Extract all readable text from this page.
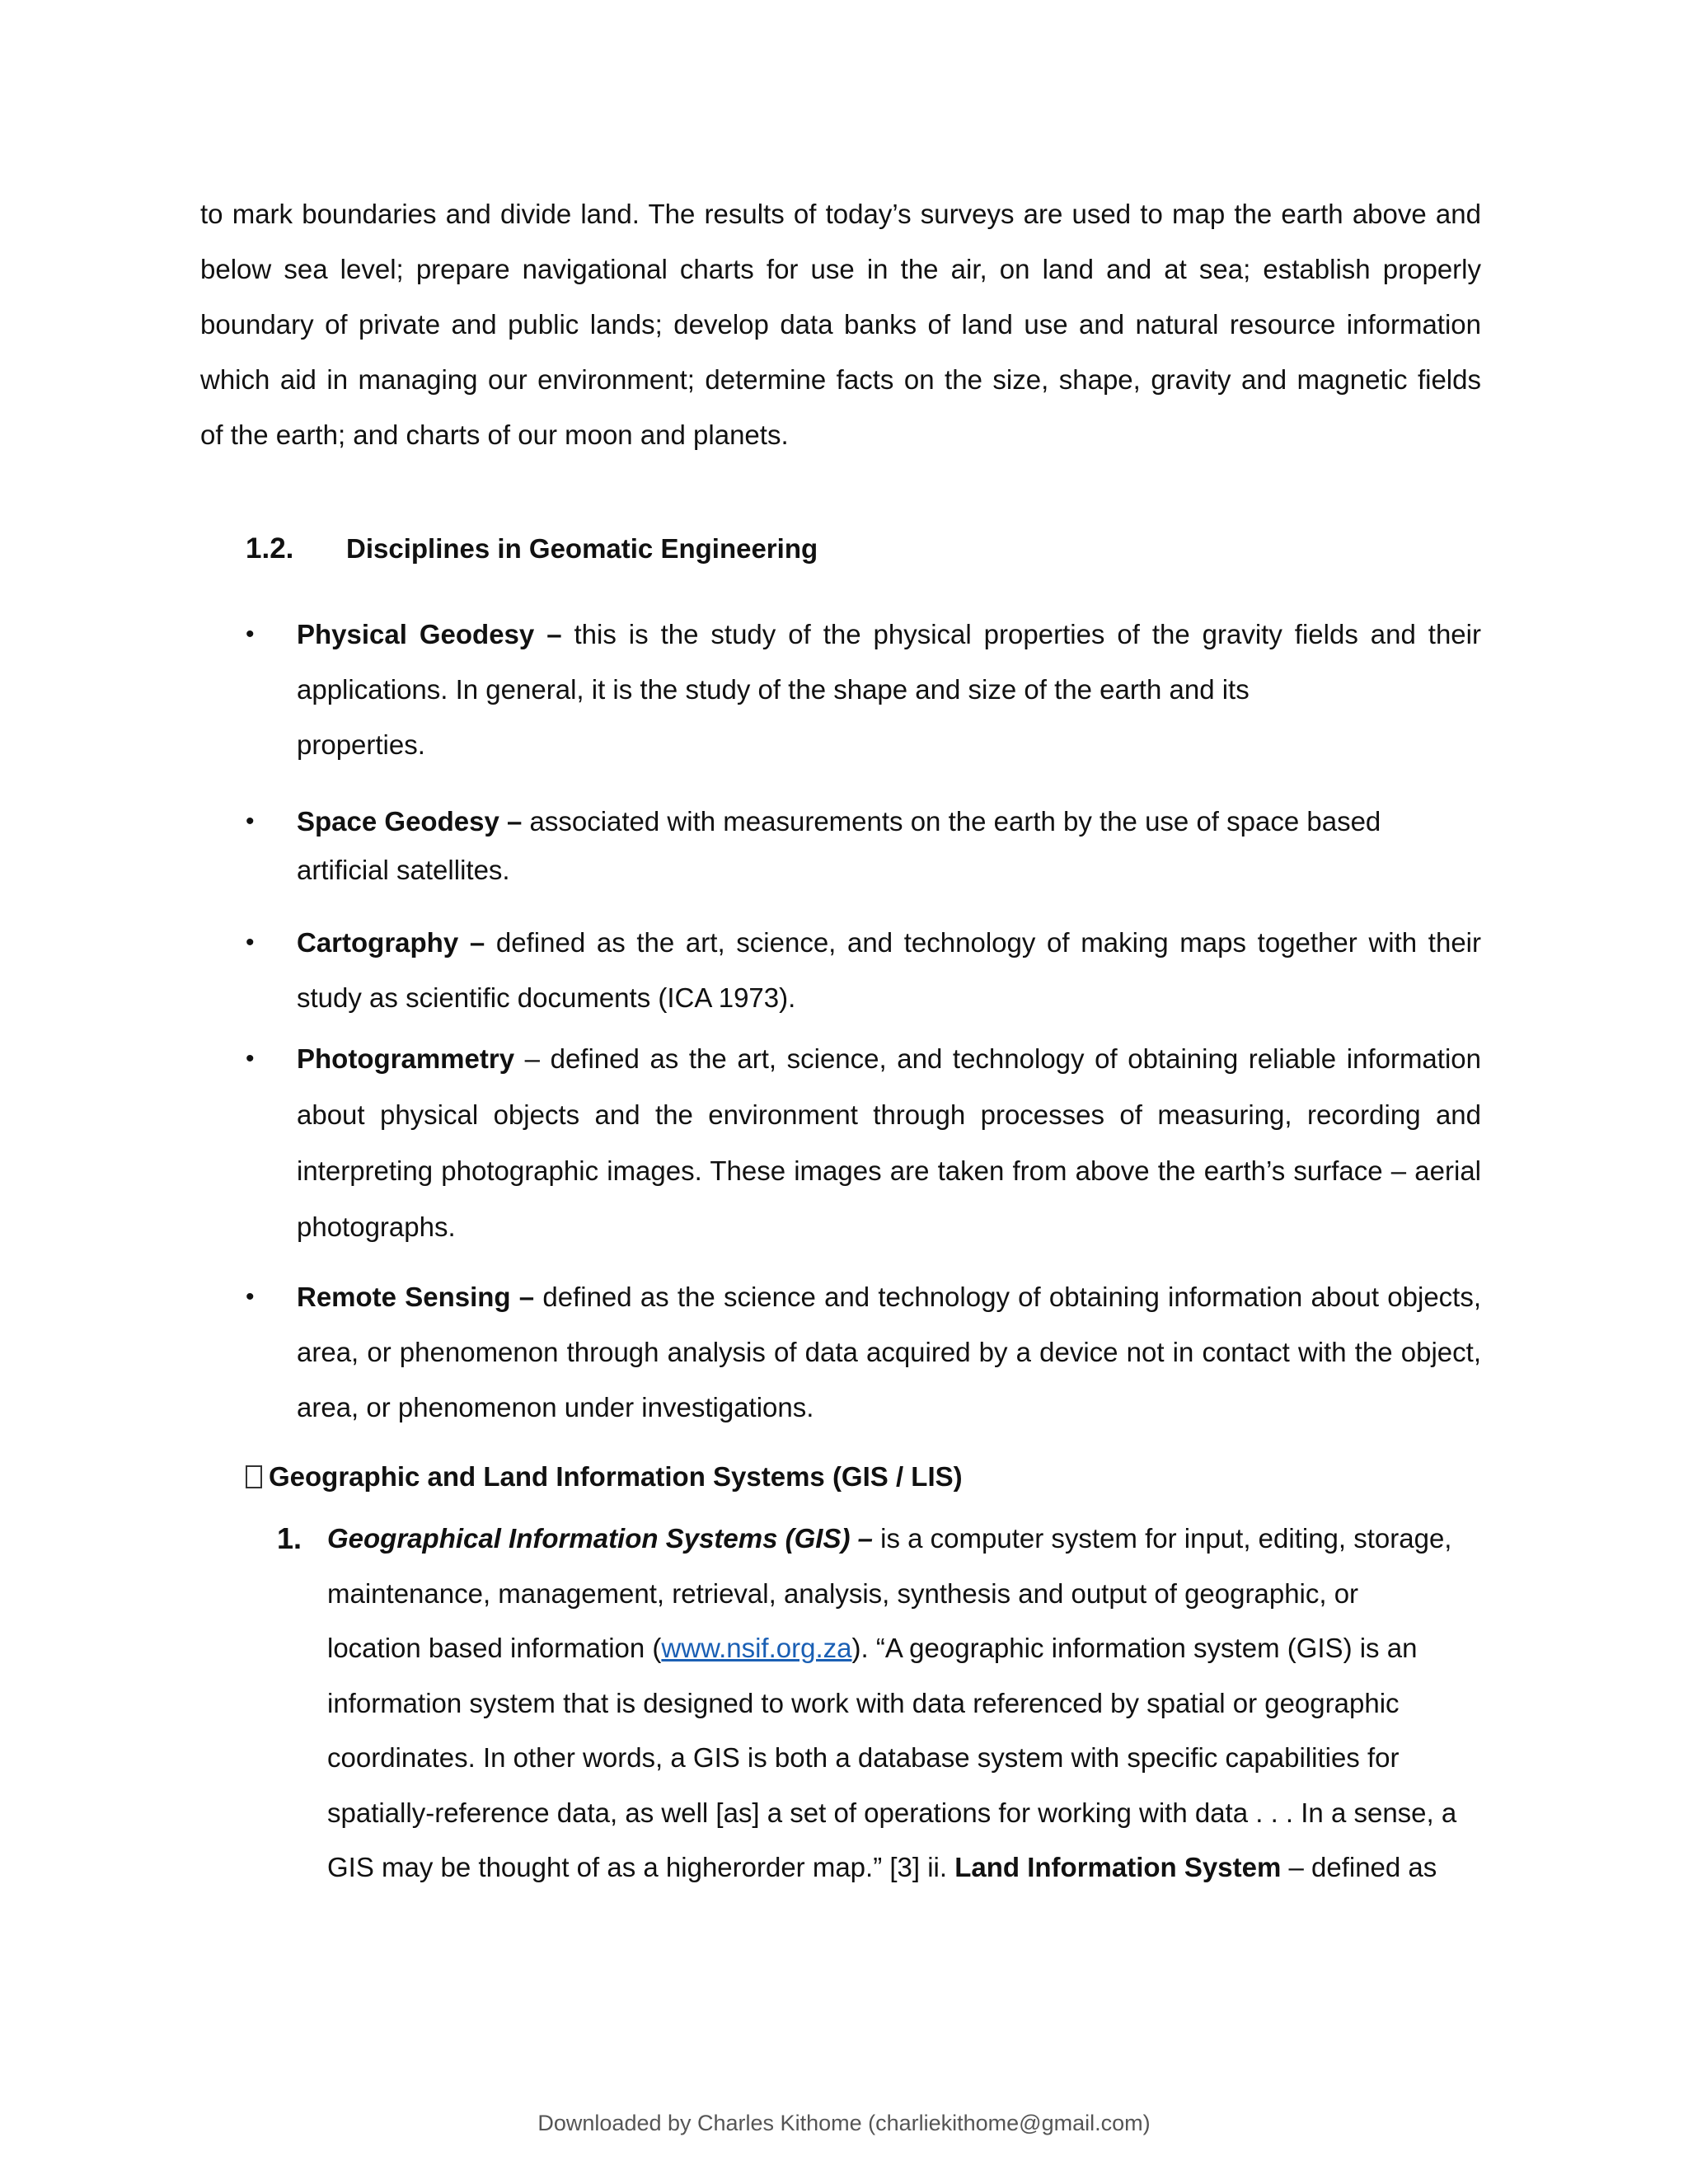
to mark boundaries and divide land. The results of today’s surveys are used to map the earth above and
below sea level; prepare navigational charts for use in the air, on land and at sea; establish properly
boundary of private and public lands; develop data banks of land use and natural resource information
which aid in managing our environment; determine facts on the size, shape, gravity and magnetic fields
of the earth; and charts of our moon and planets.

1.2. Disciplines in Geomatic Engineering
• Physical Geodesy – this is the study of the physical properties of the gravity fields and their
applications. In general, it is the study of the shape and size of the earth and its
properties.
• Space Geodesy – associated with measurements on the earth by the use of space based
artificial satellites.
• Cartography – defined as the art, science, and technology of making maps together with their
study as scientific documents (ICA 1973).
• Photogrammetry – defined as the art, science, and technology of obtaining reliable information
about physical objects and the environment through processes of measuring, recording and
interpreting photographic images. These images are taken from above the earth’s surface – aerial
photographs.
• Remote Sensing – defined as the science and technology of obtaining information about objects,
area, or phenomenon through analysis of data acquired by a device not in contact with the object,
area, or phenomenon under investigations.

Geographic and Land Information Systems (GIS / LIS)

1. Geographical Information Systems (GIS) – is a computer system for input, editing, storage,
maintenance, management, retrieval, analysis, synthesis and output of geographic, or
location based information (www.nsif.org.za). “A geographic information system (GIS) is an
information system that is designed to work with data referenced by spatial or geographic
coordinates. In other words, a GIS is both a database system with specific capabilities for
spatially-reference data, as well [as] a set of operations for working with data . . . In a sense, a
GIS may be thought of as a higherorder map.” [3] ii. Land Information System – defined as
Downloaded by Charles Kithome (charliekithome@gmail.com)
